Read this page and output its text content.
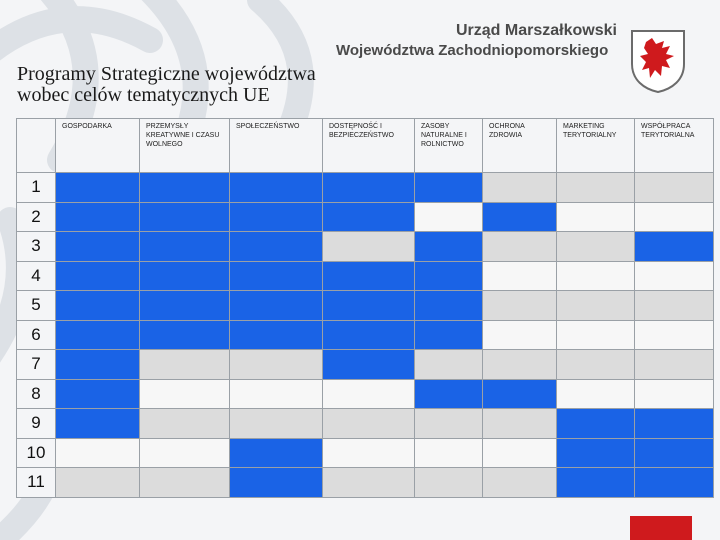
Urząd Marszałkowski
Województwa Zachodniopomorskiego
Programy Strategiczne województwa
wobec celów tematycznych UE
	GOSPODARKA	PRZEMYSŁY KREATYWNE I CZASU WOLNEGO	SPOŁECZEŃSTWO	DOSTĘPNOŚĆ I BEZPIECZEŃSTWO	ZASOBY NATURALNE I ROLNICTWO	OCHRONA ZDROWIA	MARKETING TERYTORIALNY	WSPÓŁPRACA TERYTORIALNA
1								
2								
3								
4								
5								
6								
7								
8								
9								
10								
11								
